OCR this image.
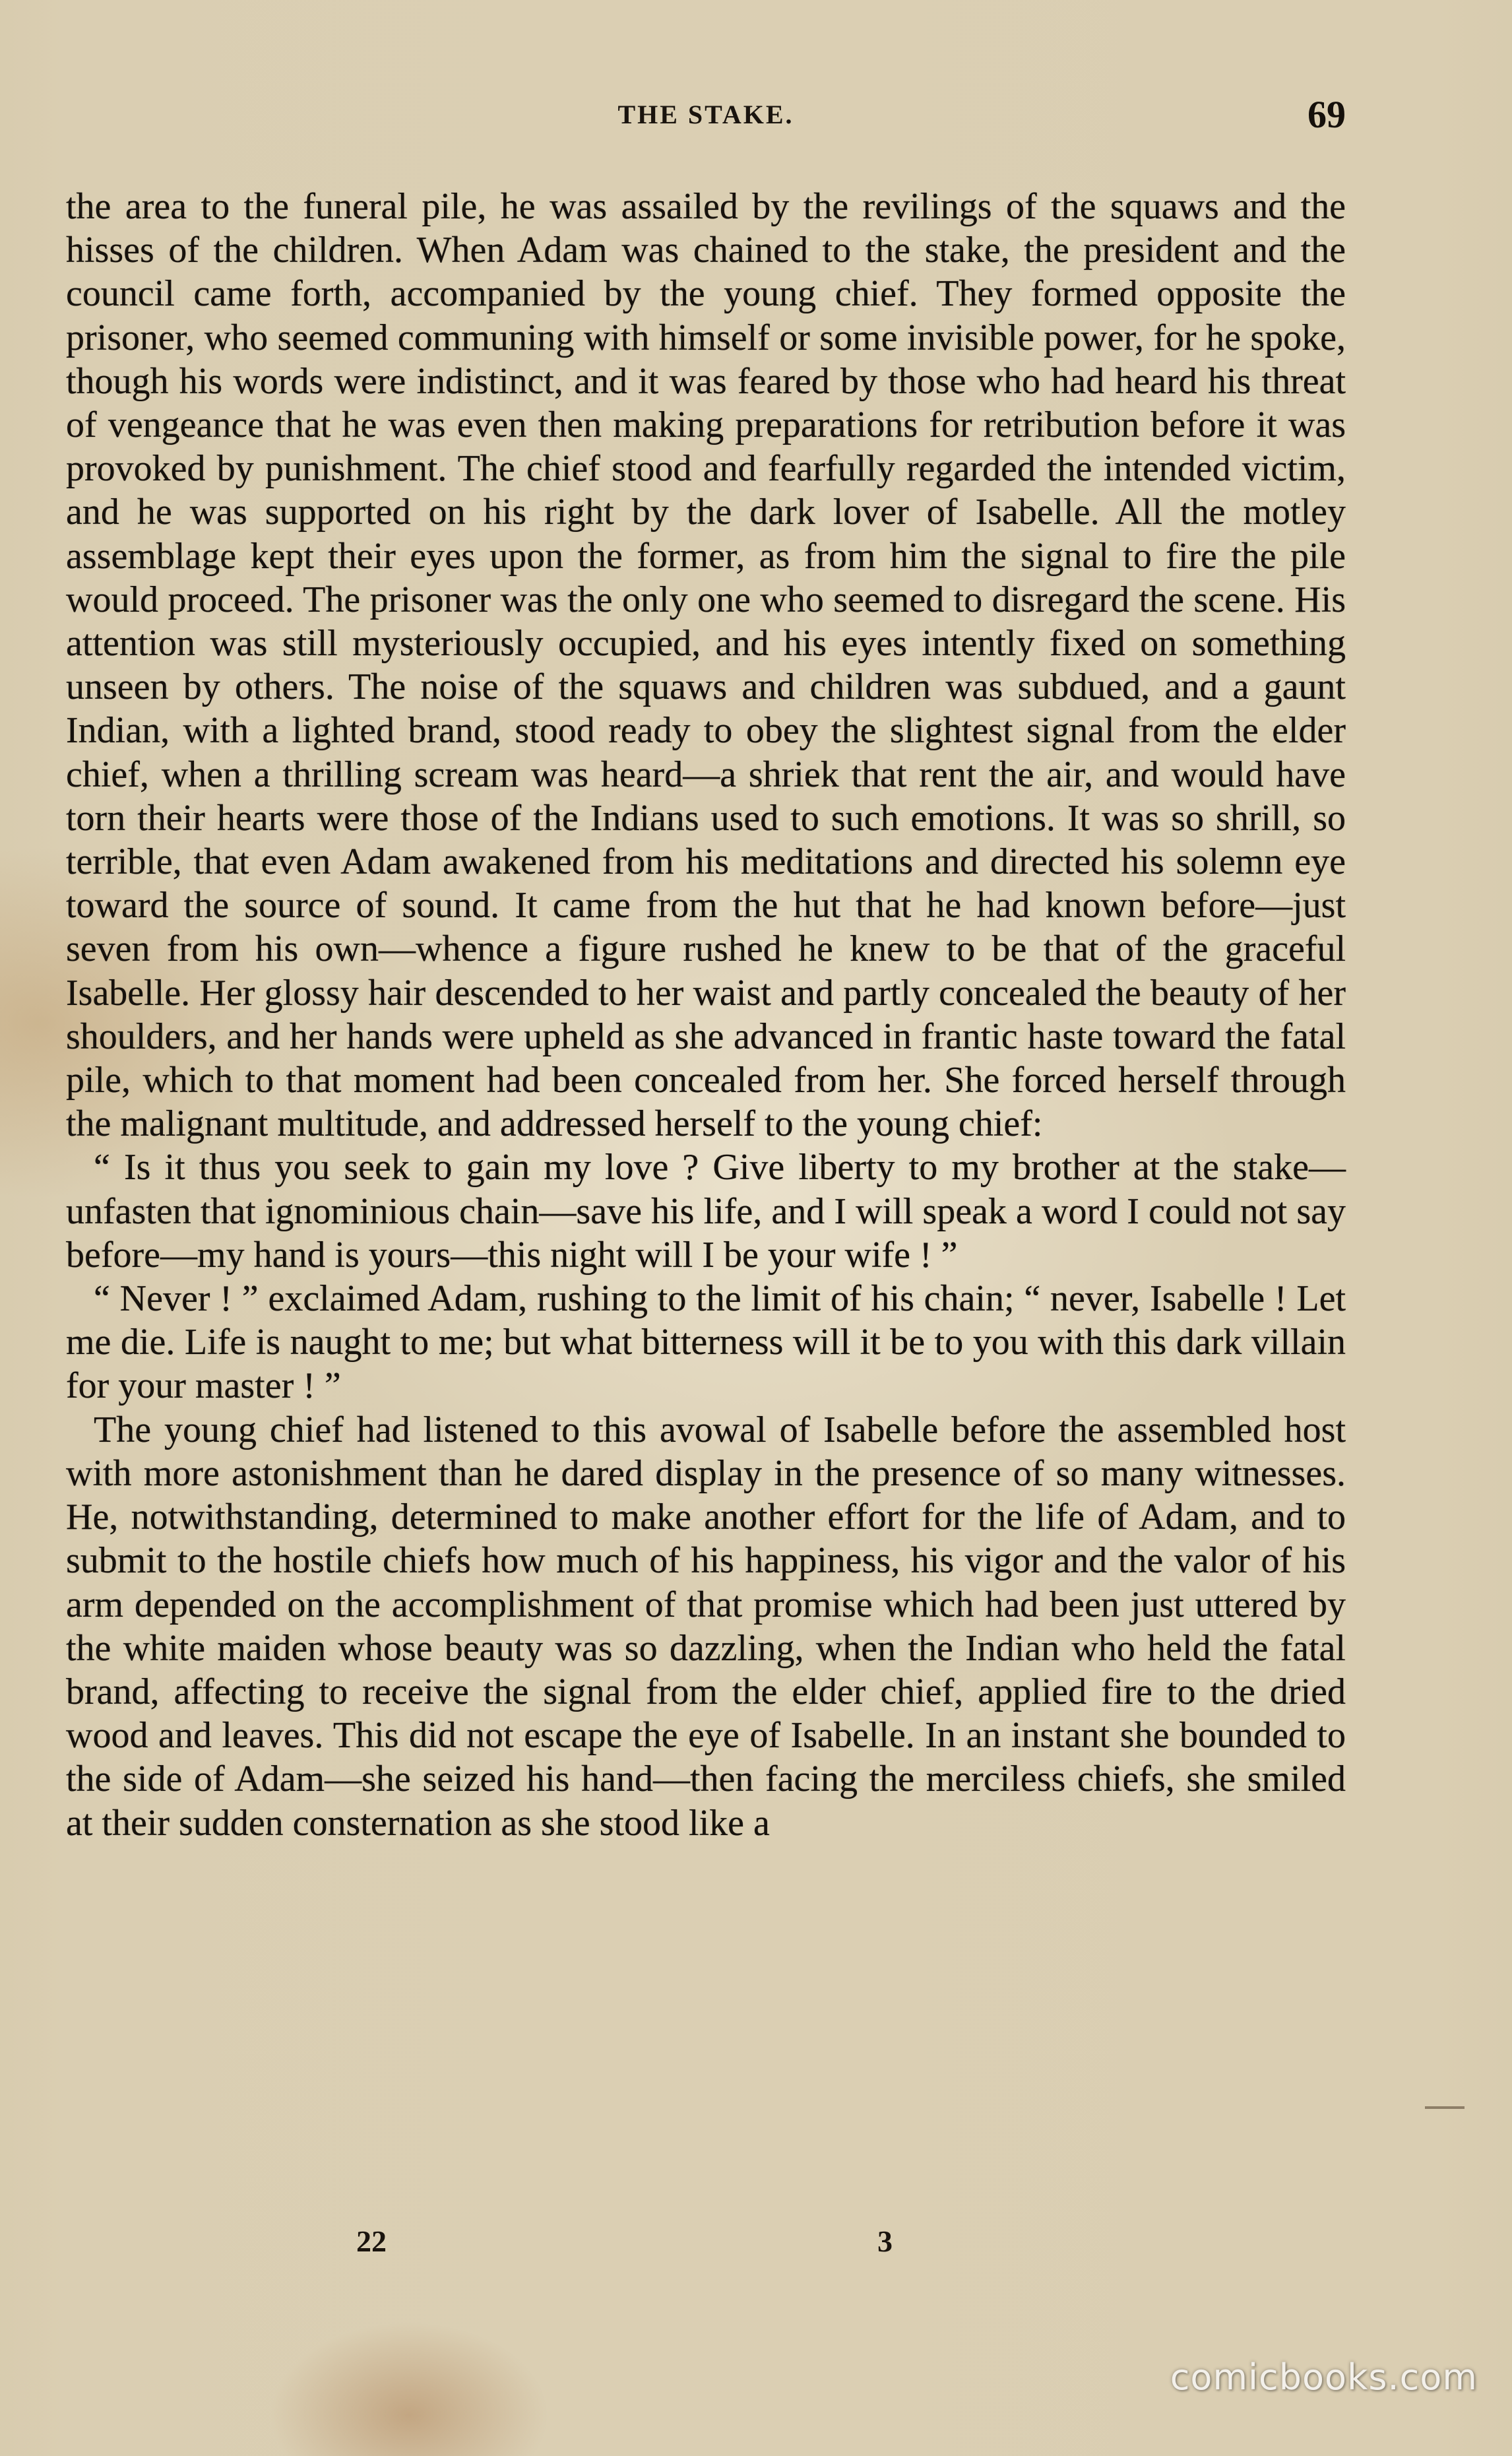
THE STAKE.	69

the area to the funeral pile, he was assailed by the revilings of the squaws and the hisses of the children. When Adam was chained to the stake, the president and the council came forth, accompanied by the young chief. They formed opposite the prisoner, who seemed communing with himself or some invisible power, for he spoke, though his words were indistinct, and it was feared by those who had heard his threat of vengeance that he was even then making preparations for retribution before it was provoked by punishment. The chief stood and fearfully regarded the intended victim, and he was supported on his right by the dark lover of Isabelle. All the motley assemblage kept their eyes upon the former, as from him the signal to fire the pile would proceed. The prisoner was the only one who seemed to disregard the scene. His attention was still mysteriously occupied, and his eyes intently fixed on something unseen by others. The noise of the squaws and children was subdued, and a gaunt Indian, with a lighted brand, stood ready to obey the slightest signal from the elder chief, when a thrilling scream was heard—a shriek that rent the air, and would have torn their hearts were those of the Indians used to such emotions. It was so shrill, so terrible, that even Adam awakened from his meditations and directed his solemn eye toward the source of sound. It came from the hut that he had known before—just seven from his own—whence a figure rushed he knew to be that of the graceful Isabelle. Her glossy hair descended to her waist and partly concealed the beauty of her shoulders, and her hands were upheld as she advanced in frantic haste toward the fatal pile, which to that moment had been concealed from her. She forced herself through the malignant multitude, and addressed herself to the young chief:

“ Is it thus you seek to gain my love ? Give liberty to my brother at the stake—unfasten that ignominious chain—save his life, and I will speak a word I could not say before—my hand is yours—this night will I be your wife ! ”

“ Never ! ” exclaimed Adam, rushing to the limit of his chain; “ never, Isabelle ! Let me die. Life is naught to me; but what bitterness will it be to you with this dark villain for your master ! ”

The young chief had listened to this avowal of Isabelle before the assembled host with more astonishment than he dared display in the presence of so many witnesses. He, notwithstanding, determined to make another effort for the life of Adam, and to submit to the hostile chiefs how much of his happiness, his vigor and the valor of his arm depended on the accomplishment of that promise which had been just uttered by the white maiden whose beauty was so dazzling, when the Indian who held the fatal brand, affecting to receive the signal from the elder chief, applied fire to the dried wood and leaves. This did not escape the eye of Isabelle. In an instant she bounded to the side of Adam—she seized his hand—then facing the merciless chiefs, she smiled at their sudden consternation as she stood like a

22	3
comicbooks.com
